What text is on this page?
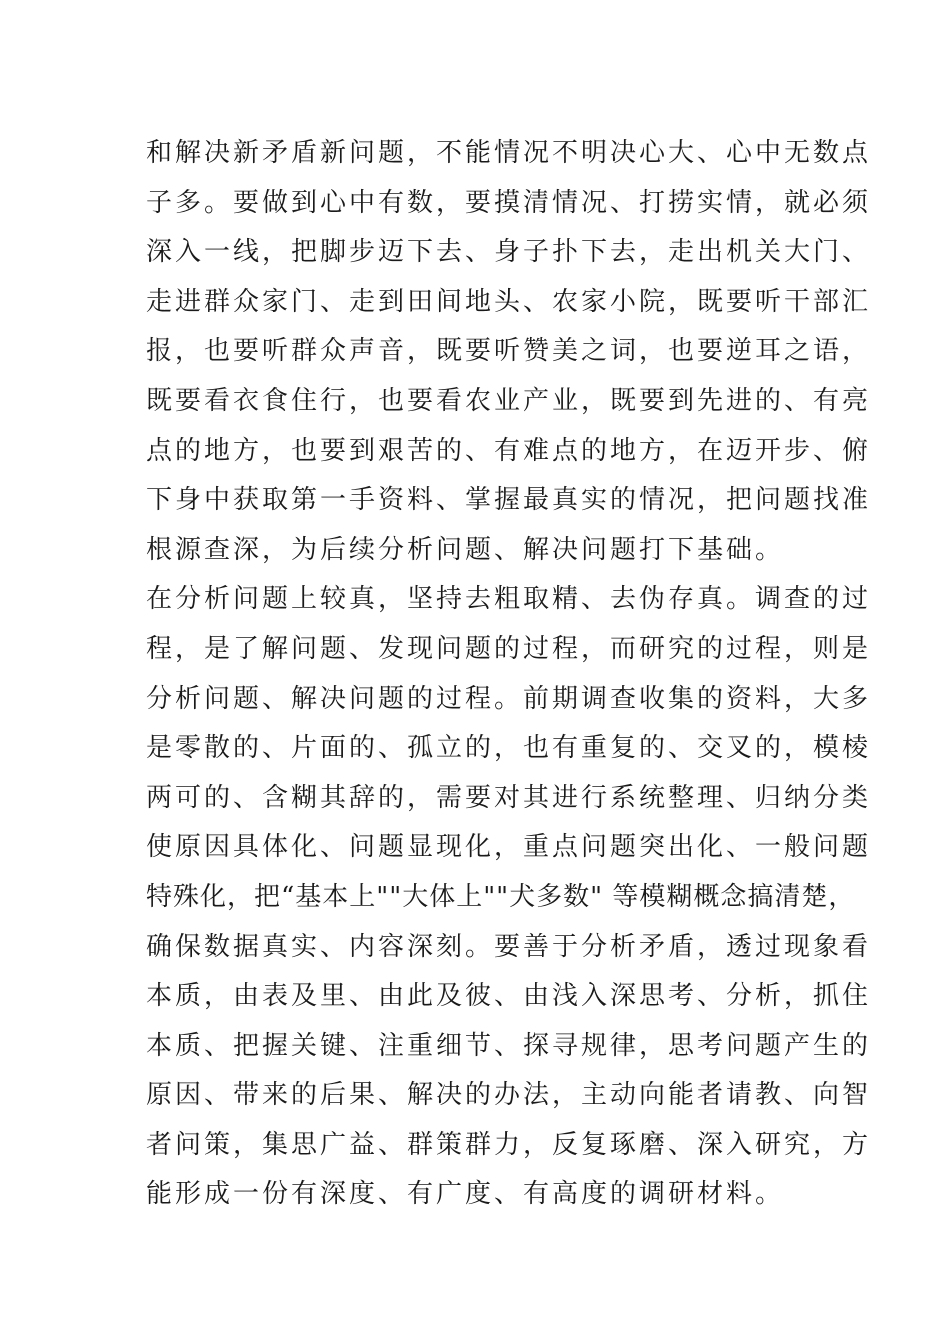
和解决新矛盾新问题，不能情况不明决心大、心中无数点
子多。要做到心中有数，要摸清情况、打捞实情，就必须
深入一线，把脚步迈下去、身子扑下去，走出机关大门、
走进群众家门、走到田间地头、农家小院，既要听干部汇
报，也要听群众声音，既要听赞美之词，也要逆耳之语，
既要看衣食住行，也要看农业产业，既要到先进的、有亮
点的地方，也要到艰苦的、有难点的地方，在迈开步、俯
下身中获取第一手资料、掌握最真实的情况，把问题找准
根源查深，为后续分析问题、解决问题打下基础。
在分析问题上较真，坚持去粗取精、去伪存真。调查的过
程，是了解问题、发现问题的过程，而研究的过程，则是
分析问题、解决问题的过程。前期调查收集的资料，大多
是零散的、片面的、孤立的，也有重复的、交叉的，模棱
两可的、含糊其辞的，需要对其进行系统整理、归纳分类
使原因具体化、问题显现化，重点问题突出化、一般问题
特殊化，把“基本上""大体上""犬多数" 等模糊概念搞清楚，
确保数据真实、内容深刻。要善于分析矛盾，透过现象看
本质，由表及里、由此及彼、由浅入深思考、分析，抓住
本质、把握关键、注重细节、探寻规律，思考问题产生的
原因、带来的后果、解决的办法，主动向能者请教、向智
者问策，集思广益、群策群力，反复琢磨、深入研究，方
能形成一份有深度、有广度、有高度的调研材料。
